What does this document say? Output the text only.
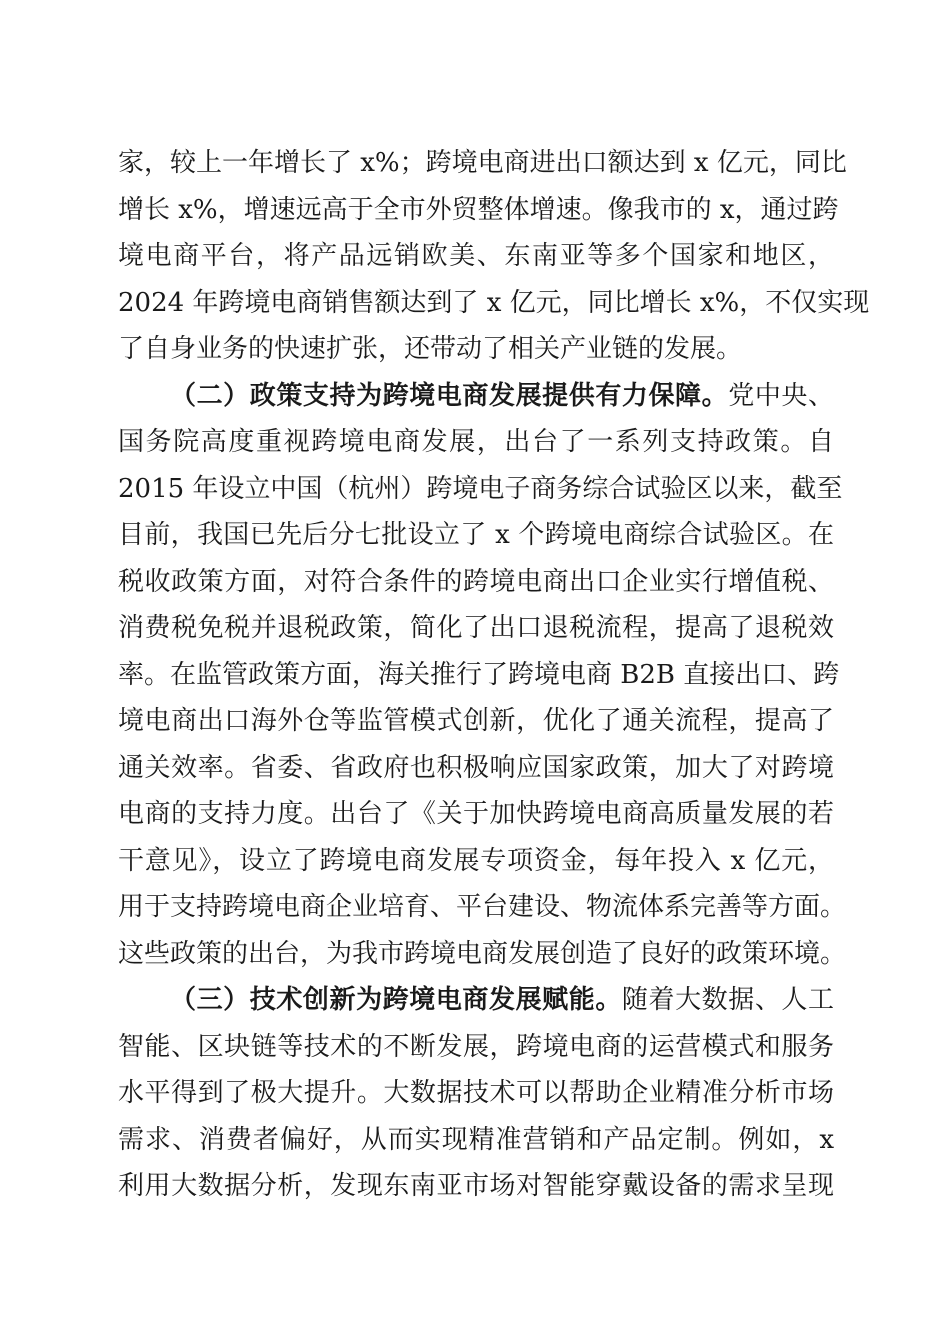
家，较上一年增长了 x%；跨境电商进出口额达到 x 亿元，同比
增长 x%，增速远高于全市外贸整体增速。像我市的 x，通过跨
境电商平台，将产品远销欧美、东南亚等多个国家和地区，
2024 年跨境电商销售额达到了 x 亿元，同比增长 x%，不仅实现
了自身业务的快速扩张，还带动了相关产业链的发展。
（二）政策支持为跨境电商发展提供有力保障。党中央、
国务院高度重视跨境电商发展，出台了一系列支持政策。自
2015 年设立中国（杭州）跨境电子商务综合试验区以来，截至
目前，我国已先后分七批设立了 x 个跨境电商综合试验区。在
税收政策方面，对符合条件的跨境电商出口企业实行增值税、
消费税免税并退税政策，简化了出口退税流程，提高了退税效
率。在监管政策方面，海关推行了跨境电商 B2B 直接出口、跨
境电商出口海外仓等监管模式创新，优化了通关流程，提高了
通关效率。省委、省政府也积极响应国家政策，加大了对跨境
电商的支持力度。出台了《关于加快跨境电商高质量发展的若
干意见》，设立了跨境电商发展专项资金，每年投入 x 亿元，
用于支持跨境电商企业培育、平台建设、物流体系完善等方面。
这些政策的出台，为我市跨境电商发展创造了良好的政策环境。
（三）技术创新为跨境电商发展赋能。随着大数据、人工
智能、区块链等技术的不断发展，跨境电商的运营模式和服务
水平得到了极大提升。大数据技术可以帮助企业精准分析市场
需求、消费者偏好，从而实现精准营销和产品定制。例如，x
利用大数据分析，发现东南亚市场对智能穿戴设备的需求呈现
